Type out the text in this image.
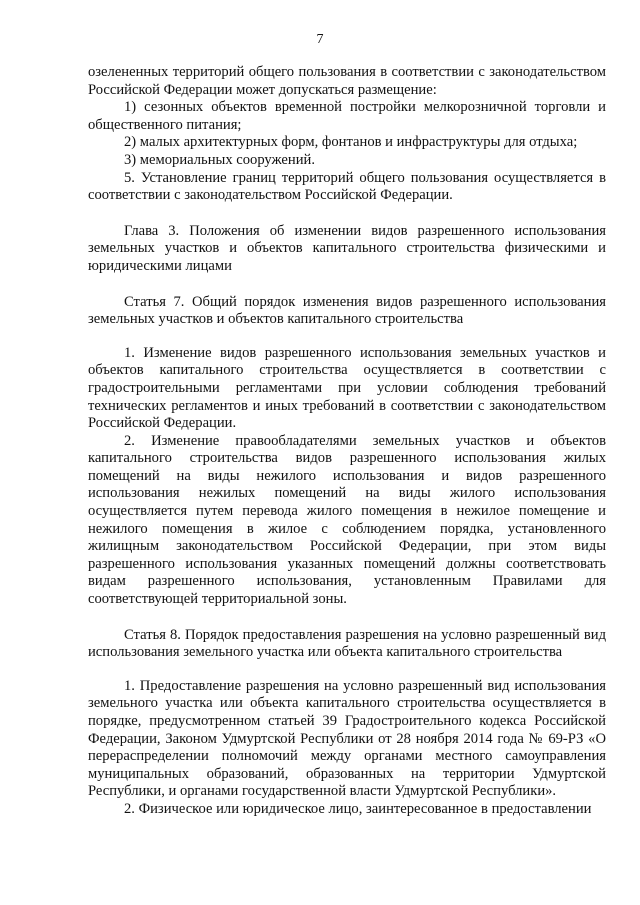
7

озелененных территорий общего пользования в соответствии с законодательством Российской Федерации может допускаться размещение:

1) сезонных объектов временной постройки мелкорозничной торговли и общественного питания;

2) малых архитектурных форм, фонтанов и инфраструктуры для отдыха;

3) мемориальных сооружений.

5. Установление границ территорий общего пользования осуществляется в соответствии с законодательством Российской Федерации.

Глава 3. Положения об изменении видов разрешенного использования земельных участков и объектов капитального строительства физическими и юридическими лицами

Статья 7. Общий порядок изменения видов разрешенного использования земельных участков и объектов капитального строительства

1. Изменение видов разрешенного использования земельных участков и объектов капитального строительства осуществляется в соответствии с градостроительными регламентами при условии соблюдения требований технических регламентов и иных требований в соответствии с законодательством Российской Федерации.

2. Изменение правообладателями земельных участков и объектов капитального строительства видов разрешенного использования жилых помещений на виды нежилого использования и видов разрешенного использования нежилых помещений на виды жилого использования осуществляется путем перевода жилого помещения в нежилое помещение и нежилого помещения в жилое с соблюдением порядка, установленного жилищным законодательством Российской Федерации, при этом виды разрешенного использования указанных помещений должны соответствовать видам разрешенного использования, установленным Правилами для соответствующей территориальной зоны.

Статья 8. Порядок предоставления разрешения на условно разрешенный вид использования земельного участка или объекта капитального строительства

1. Предоставление разрешения на условно разрешенный вид использования земельного участка или объекта капитального строительства осуществляется в порядке, предусмотренном статьей 39 Градостроительного кодекса Российской Федерации, Законом Удмуртской Республики от 28 ноября 2014 года № 69-РЗ «О перераспределении полномочий между органами местного самоуправления муниципальных образований, образованных на территории Удмуртской Республики, и органами государственной власти Удмуртской Республики».

2. Физическое или юридическое лицо, заинтересованное в предоставлении
